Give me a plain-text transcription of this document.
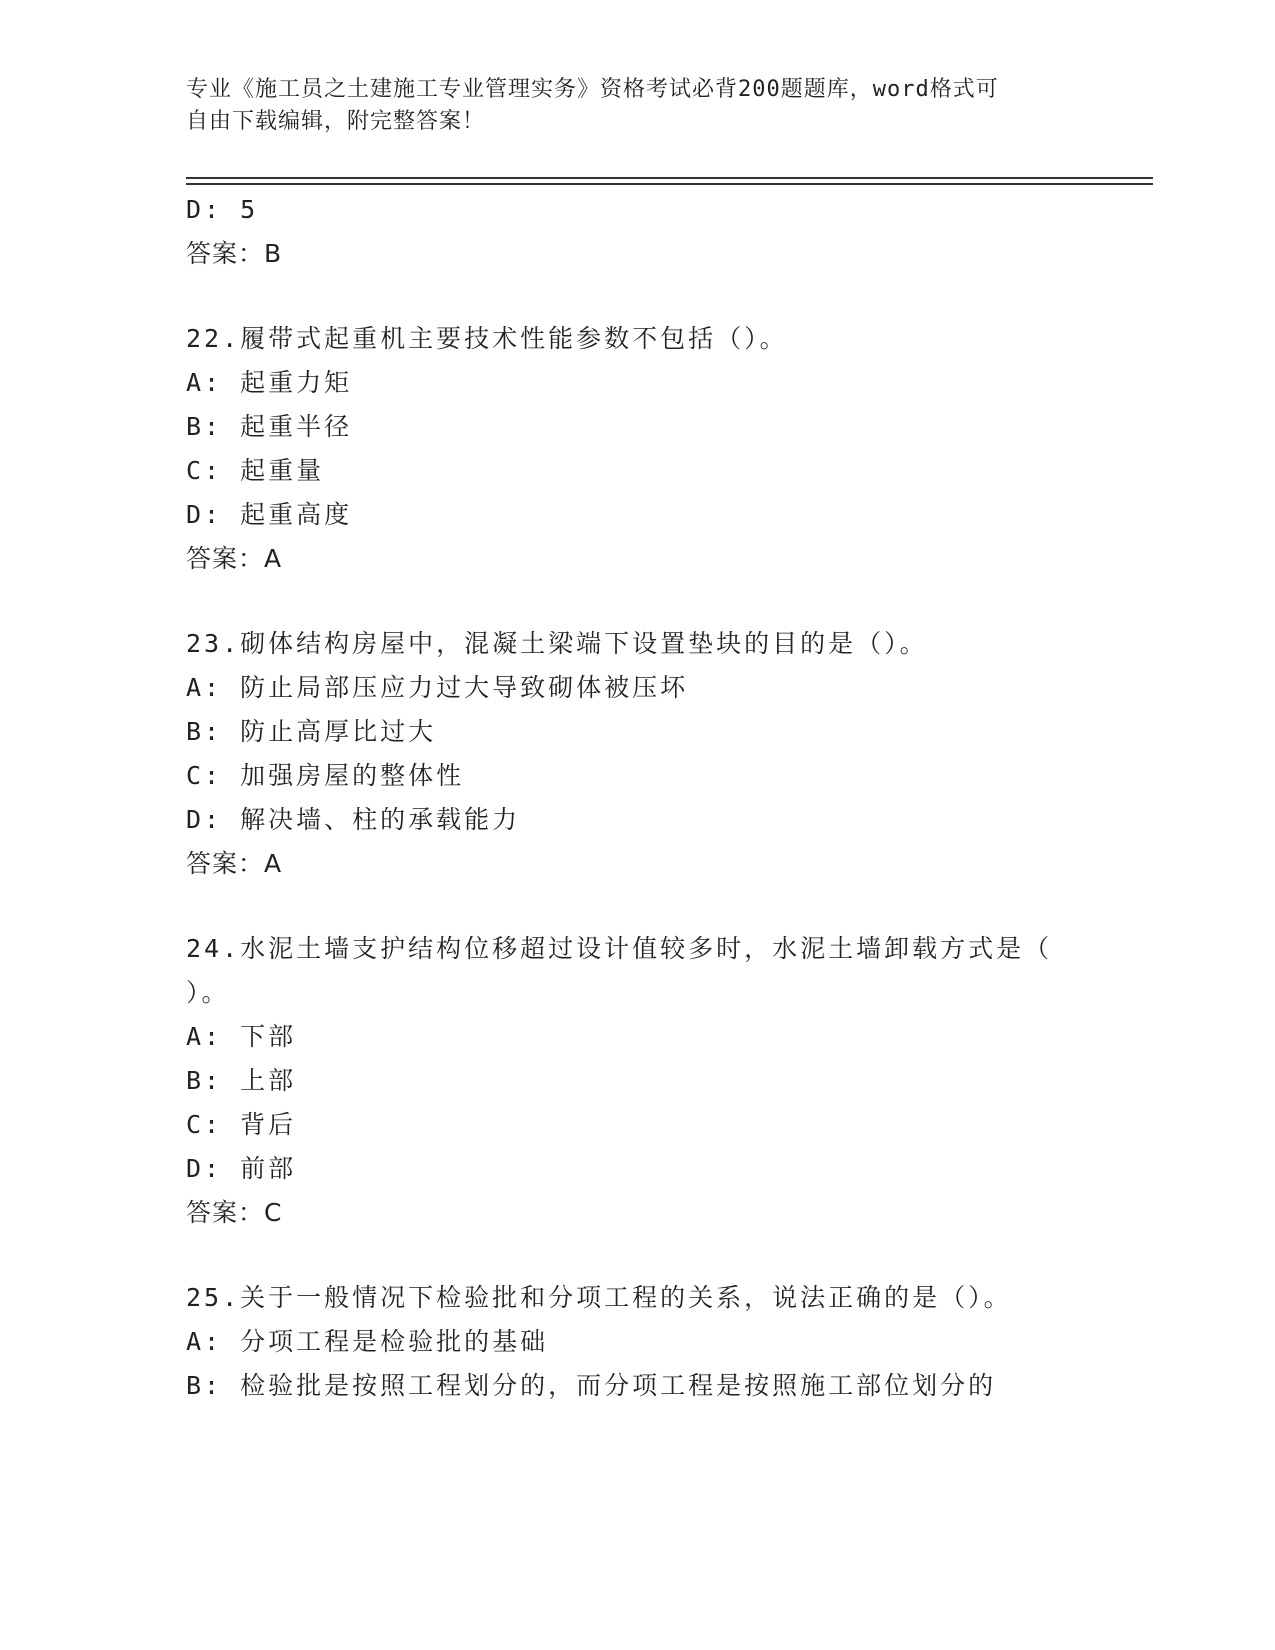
专业《施工员之土建施工专业管理实务》资格考试必背200题题库，word格式可
自由下载编辑，附完整答案！
D: 5
答案：B
22.履带式起重机主要技术性能参数不包括（）。
A: 起重力矩
B: 起重半径
C: 起重量
D: 起重高度
答案：A
23.砌体结构房屋中，混凝土梁端下设置垫块的目的是（）。
A: 防止局部压应力过大导致砌体被压坏
B: 防止高厚比过大
C: 加强房屋的整体性
D: 解决墙、柱的承载能力
答案：A
24.水泥土墙支护结构位移超过设计值较多时，水泥土墙卸载方式是（
）。
A: 下部
B: 上部
C: 背后
D: 前部
答案：C
25.关于一般情况下检验批和分项工程的关系，说法正确的是（）。
A: 分项工程是检验批的基础
B: 检验批是按照工程划分的，而分项工程是按照施工部位划分的
